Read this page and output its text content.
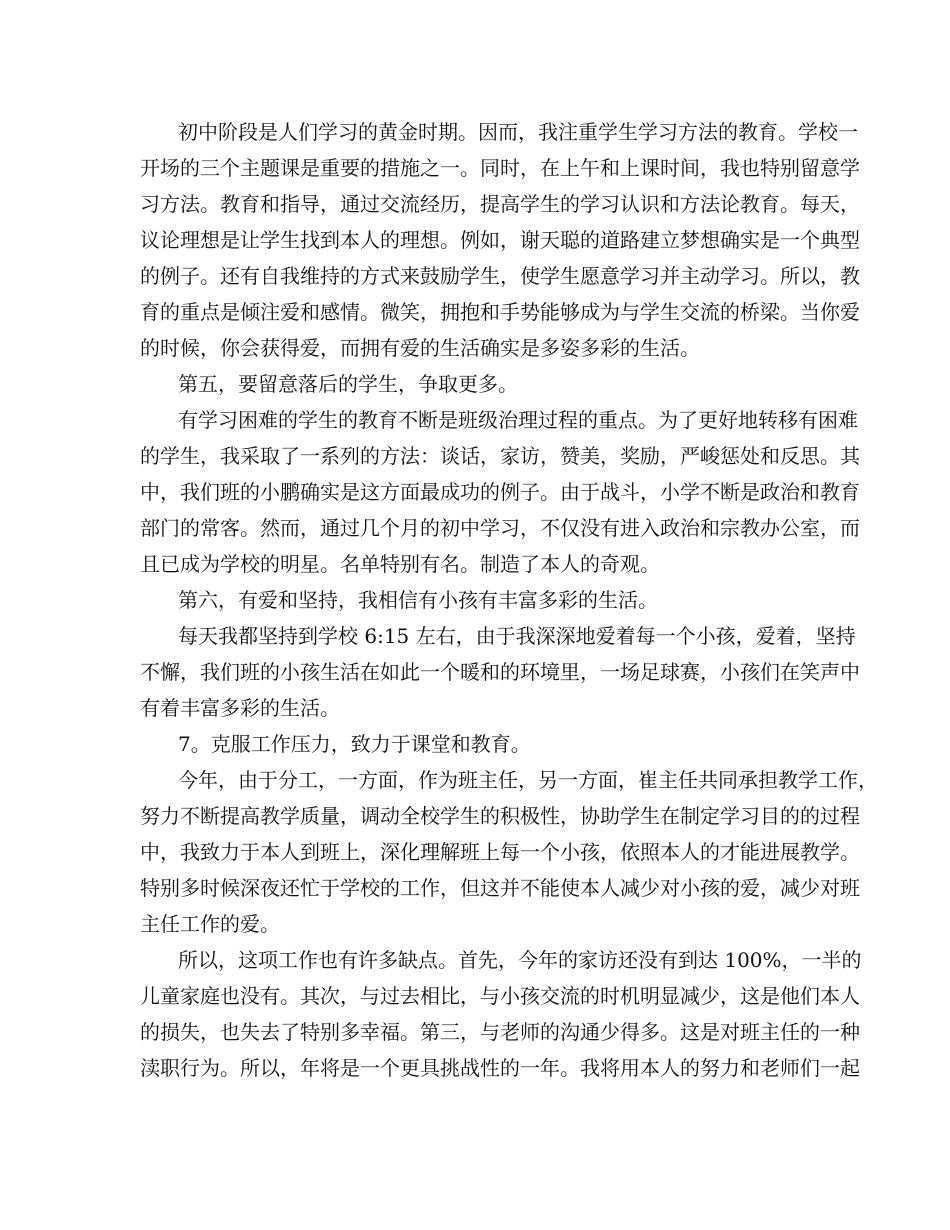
初中阶段是人们学习的黄金时期。因而，我注重学生学习方法的教育。学校一
开场的三个主题课是重要的措施之一。同时，在上午和上课时间，我也特别留意学
习方法。教育和指导，通过交流经历，提高学生的学习认识和方法论教育。每天，
议论理想是让学生找到本人的理想。例如，谢天聪的道路建立梦想确实是一个典型
的例子。还有自我维持的方式来鼓励学生，使学生愿意学习并主动学习。所以，教
育的重点是倾注爱和感情。微笑，拥抱和手势能够成为与学生交流的桥梁。当你爱
的时候，你会获得爱，而拥有爱的生活确实是多姿多彩的生活。
第五，要留意落后的学生，争取更多。
有学习困难的学生的教育不断是班级治理过程的重点。为了更好地转移有困难
的学生，我采取了一系列的方法：谈话，家访，赞美，奖励，严峻惩处和反思。其
中，我们班的小鹏确实是这方面最成功的例子。由于战斗，小学不断是政治和教育
部门的常客。然而，通过几个月的初中学习，不仅没有进入政治和宗教办公室，而
且已成为学校的明星。名单特别有名。制造了本人的奇观。
第六，有爱和坚持，我相信有小孩有丰富多彩的生活。
每天我都坚持到学校 6:15 左右，由于我深深地爱着每一个小孩，爱着，坚持
不懈，我们班的小孩生活在如此一个暖和的环境里，一场足球赛，小孩们在笑声中
有着丰富多彩的生活。
7。克服工作压力，致力于课堂和教育。
今年，由于分工，一方面，作为班主任，另一方面，崔主任共同承担教学工作，
努力不断提高教学质量，调动全校学生的积极性，协助学生在制定学习目的的过程
中，我致力于本人到班上，深化理解班上每一个小孩，依照本人的才能进展教学。
特别多时候深夜还忙于学校的工作，但这并不能使本人减少对小孩的爱，减少对班
主任工作的爱。
所以，这项工作也有许多缺点。首先，今年的家访还没有到达 100%，一半的
儿童家庭也没有。其次，与过去相比，与小孩交流的时机明显减少，这是他们本人
的损失，也失去了特别多幸福。第三，与老师的沟通少得多。这是对班主任的一种
渎职行为。所以，年将是一个更具挑战性的一年。我将用本人的努力和老师们一起
